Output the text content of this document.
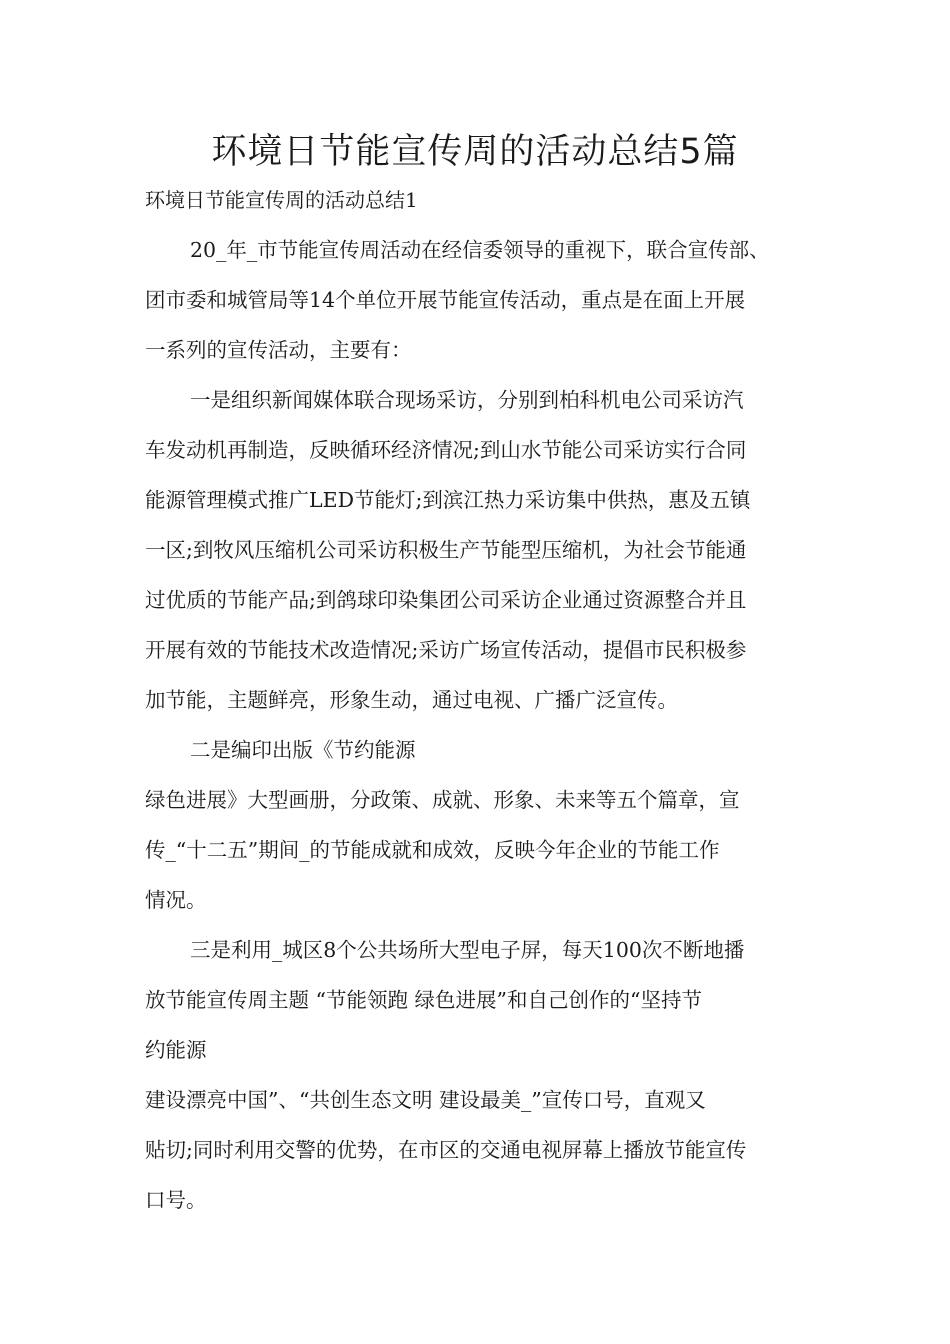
环境日节能宣传周的活动总结5篇

环境日节能宣传周的活动总结1

20_年_市节能宣传周活动在经信委领导的重视下，联合宣传部、
团市委和城管局等14个单位开展节能宣传活动，重点是在面上开展
一系列的宣传活动，主要有：
一是组织新闻媒体联合现场采访，分别到柏科机电公司采访汽
车发动机再制造，反映循环经济情况;到山水节能公司采访实行合同
能源管理模式推广LED节能灯;到滨江热力采访集中供热，惠及五镇
一区;到牧风压缩机公司采访积极生产节能型压缩机，为社会节能通
过优质的节能产品;到鸽球印染集团公司采访企业通过资源整合并且
开展有效的节能技术改造情况;采访广场宣传活动，提倡市民积极参
加节能，主题鲜亮，形象生动，通过电视、广播广泛宣传。
二是编印出版《节约能源
绿色进展》大型画册，分政策、成就、形象、未来等五个篇章，宣
传_“十二五”期间_的节能成就和成效，反映今年企业的节能工作
情况。
三是利用_城区8个公共场所大型电子屏，每天100次不断地播
放节能宣传周主题 “节能领跑 绿色进展”和自己创作的“坚持节
约能源
建设漂亮中国”、“共创生态文明 建设最美_”宣传口号，直观又
贴切;同时利用交警的优势，在市区的交通电视屏幕上播放节能宣传
口号。
